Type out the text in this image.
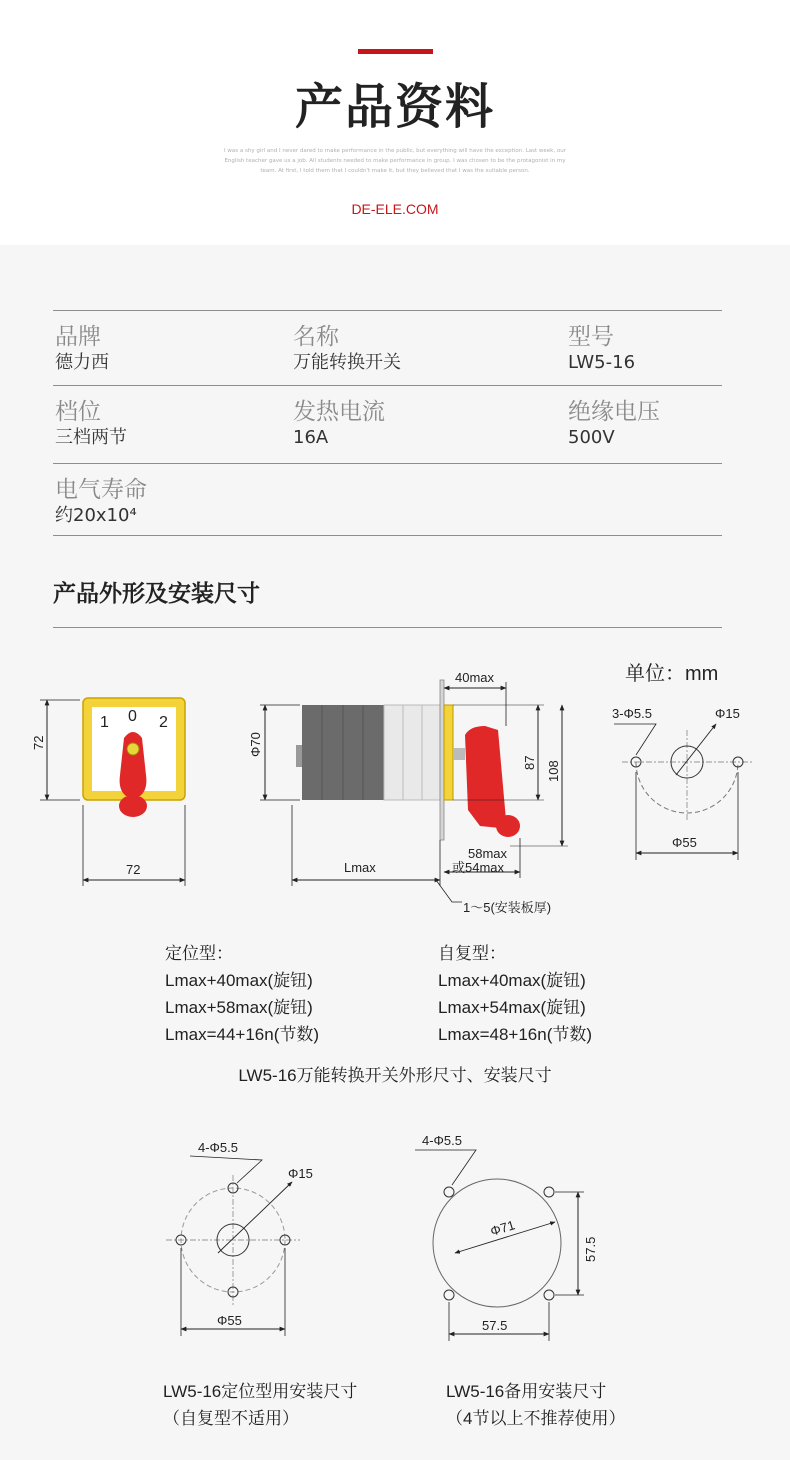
产品资料
I was a shy girl and I never dared to make performance in the public, but everything will have the exception. Last week, our English teacher gave us a job. All students needed to make performance in group. I was chosen to be the protagonist in my team. At first, I told them that I couldn't make it, but they believed that I was the suitable person.
DE-ELE.COM
品牌
德力西
名称
万能转换开关
型号
LW5-16
档位
三档两节
发热电流
16A
绝缘电压
500V
电气寿命
约20x10⁴
产品外形及安装尺寸
1 0 2
72
72
Φ70
40max
87 108
58max
或54max
Lmax
1～5(安装板厚)
单位：mm
3-Φ5.5	Φ15
Φ55
4-Φ5.5
Φ15
Φ55
4-Φ5.5
Φ71
57.5
57.5
定位型：
Lmax+40max(旋钮)
Lmax+58max(旋钮)
Lmax=44+16n(节数)
自复型：
Lmax+40max(旋钮)
Lmax+54max(旋钮)
Lmax=48+16n(节数)
LW5-16万能转换开关外形尺寸、安装尺寸
LW5-16定位型用安装尺寸
（自复型不适用）
LW5-16备用安装尺寸
（4节以上不推荐使用）
